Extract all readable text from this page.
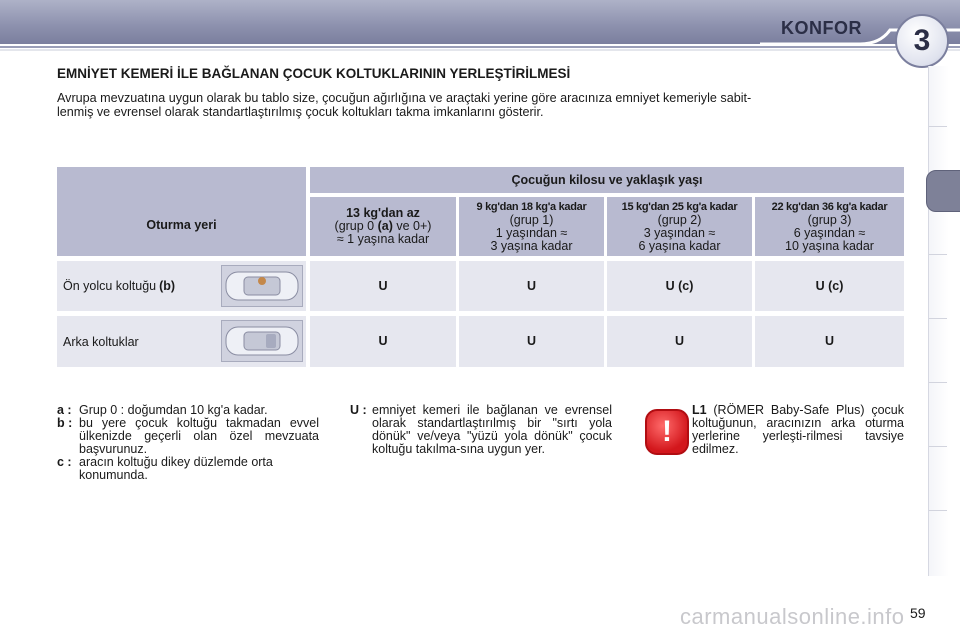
KONFOR	3
EMNİYET KEMERİ İLE BAĞLANAN ÇOCUK KOLTUKLARININ YERLEŞTİRİLMESİ
Avrupa mevzuatına uygun olarak bu tablo size, çocuğun ağırlığına ve araçtaki yerine göre aracınıza emniyet kemeriyle sabit-
lenmiş ve evrensel olarak standartlaştırılmış çocuk koltukları takma imkanlarını gösterir.
Oturma yeri
Çocuğun kilosu ve yaklaşık yaşı
13 kg'dan az
(grup 0 (a) ve 0+)
≈ 1 yaşına kadar
9 kg'dan 18 kg'a kadar
(grup 1)
1 yaşından ≈
3 yaşına kadar
15 kg'dan 25 kg'a kadar
(grup 2)
3 yaşından ≈
6 yaşına kadar
22 kg'dan 36 kg'a kadar
(grup 3)
6 yaşından ≈
10 yaşına kadar
Ön yolcu koltuğu (b)	U	U	U (c)	U (c)
Arka koltuklar	U	U	U	U
a : Grup 0 : doğumdan 10 kg'a kadar.
b : bu yere çocuk koltuğu takmadan evvel ülkenizde geçerli olan özel mevzuata başvurunuz.
c : aracın koltuğu dikey düzlemde orta konumunda.
U : emniyet kemeri ile bağlanan ve evrensel olarak standartlaştırılmış bir "sırtı yola dönük" ve/veya "yüzü yola dönük" çocuk koltuğu takılma-sına uygun yer.
!
L1 (RÖMER Baby-Safe Plus) çocuk koltuğunun, aracınızın arka oturma yerlerine yerleşti-rilmesi tavsiye edilmez.
carmanualsonline.info 59
